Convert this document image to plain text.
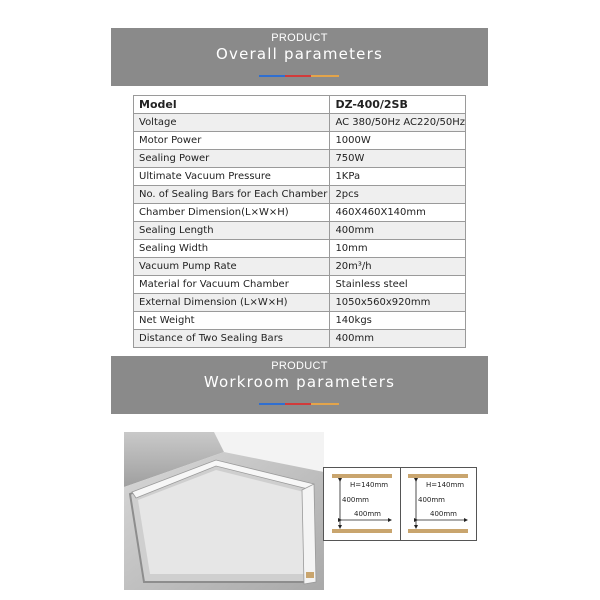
PRODUCT
Overall parameters
Model	DZ-400/2SB
Voltage	AC 380/50Hz AC220/50Hz
Motor Power	1000W
Sealing Power	750W
Ultimate Vacuum Pressure	1KPa
No. of Sealing Bars for Each Chamber	2pcs
Chamber Dimension(L×W×H)	460X460X140mm
Sealing Length	400mm
Sealing Width	10mm
Vacuum Pump Rate	20m³/h
Material for Vacuum Chamber	Stainless steel
External Dimension (L×W×H)	1050x560x920mm
Net Weight	140kgs
Distance of Two Sealing Bars	400mm
PRODUCT
Workroom parameters
H=140mm
400mm
400mm
H=140mm
400mm
400mm
